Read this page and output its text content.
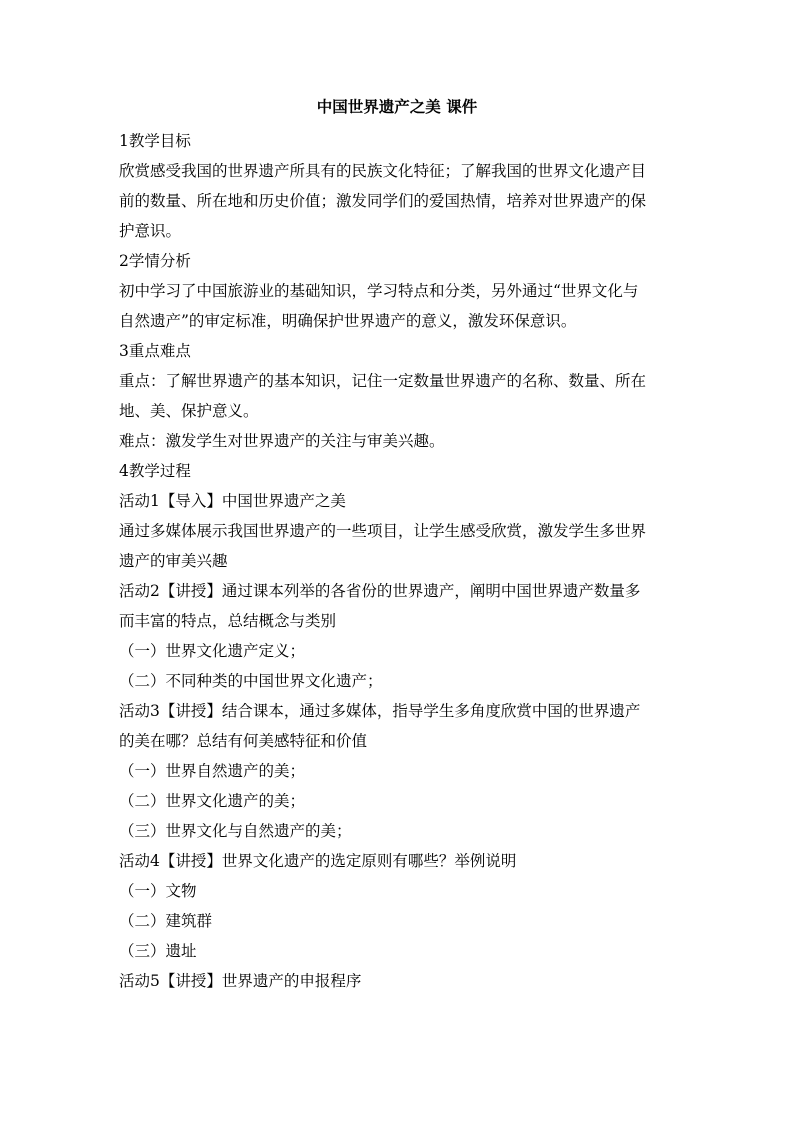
中国世界遗产之美 课件
1教学目标
欣赏感受我国的世界遗产所具有的民族文化特征；了解我国的世界文化遗产目
前的数量、所在地和历史价值；激发同学们的爱国热情，培养对世界遗产的保
护意识。
2学情分析
初中学习了中国旅游业的基础知识，学习特点和分类，另外通过“世界文化与
自然遗产”的审定标准，明确保护世界遗产的意义，激发环保意识。
3重点难点
重点：了解世界遗产的基本知识，记住一定数量世界遗产的名称、数量、所在
地、美、保护意义。
难点：激发学生对世界遗产的关注与审美兴趣。
4教学过程
活动1【导入】中国世界遗产之美
通过多媒体展示我国世界遗产的一些项目，让学生感受欣赏，激发学生多世界
遗产的审美兴趣
活动2【讲授】通过课本列举的各省份的世界遗产，阐明中国世界遗产数量多
而丰富的特点，总结概念与类别
（一）世界文化遗产定义；
（二）不同种类的中国世界文化遗产；
活动3【讲授】结合课本，通过多媒体，指导学生多角度欣赏中国的世界遗产
的美在哪？总结有何美感特征和价值
（一）世界自然遗产的美；
（二）世界文化遗产的美；
（三）世界文化与自然遗产的美；
活动4【讲授】世界文化遗产的选定原则有哪些？举例说明
（一）文物
（二）建筑群
（三）遗址
活动5【讲授】世界遗产的申报程序
